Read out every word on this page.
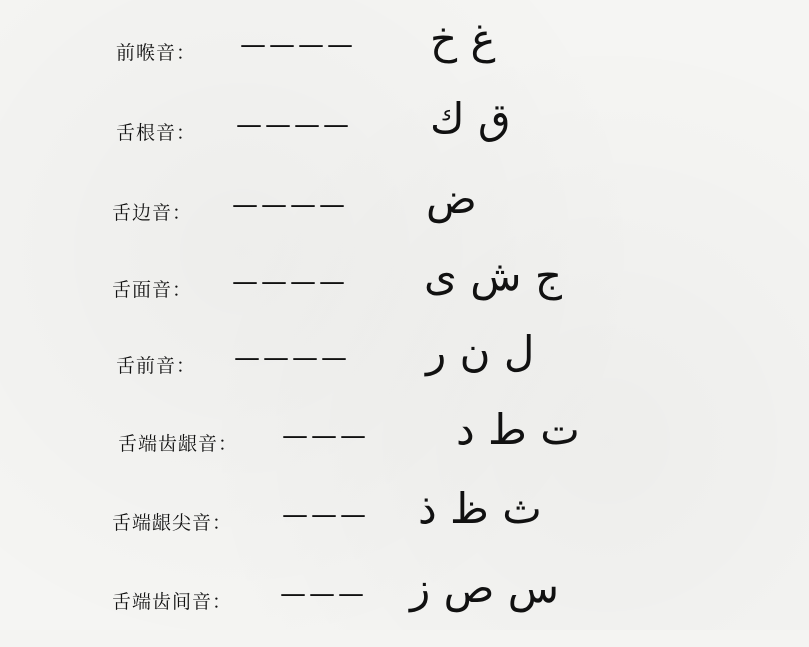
前喉音： ———— غ خ
舌根音： ———— ق ك
舌边音： ———— ض
舌面音： ———— ج ش ى
舌前音： ———— ل ن ر
舌端齿龈音： ——— ت ط د
舌端龈尖音： ——— ث ظ ذ
舌端齿间音： ——— س ص ز
